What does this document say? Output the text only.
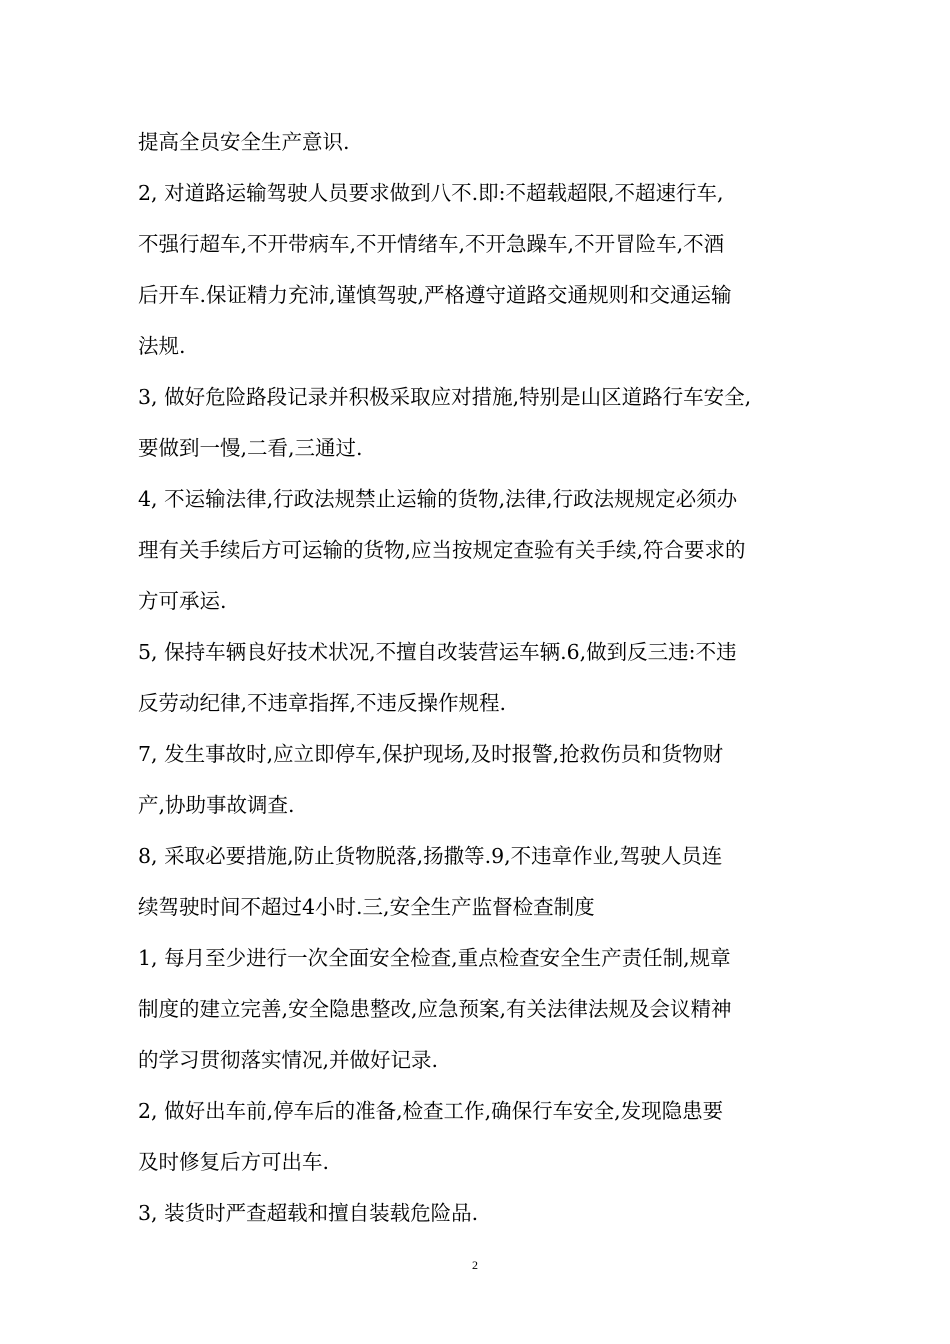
提高全员安全生产意识.
2, 对道路运输驾驶人员要求做到八不.即:不超载超限,不超速行车,
不强行超车,不开带病车,不开情绪车,不开急躁车,不开冒险车,不酒
后开车.保证精力充沛,谨慎驾驶,严格遵守道路交通规则和交通运输
法规.
3, 做好危险路段记录并积极采取应对措施,特别是山区道路行车安全,
要做到一慢,二看,三通过.
4, 不运输法律,行政法规禁止运输的货物,法律,行政法规规定必须办
理有关手续后方可运输的货物,应当按规定查验有关手续,符合要求的
方可承运.
5, 保持车辆良好技术状况,不擅自改装营运车辆.6,做到反三违:不违
反劳动纪律,不违章指挥,不违反操作规程.
7, 发生事故时,应立即停车,保护现场,及时报警,抢救伤员和货物财
产,协助事故调查.
8, 采取必要措施,防止货物脱落,扬撒等.9,不违章作业,驾驶人员连
续驾驶时间不超过4小时.三,安全生产监督检查制度
1, 每月至少进行一次全面安全检查,重点检查安全生产责任制,规章
制度的建立完善,安全隐患整改,应急预案,有关法律法规及会议精神
的学习贯彻落实情况,并做好记录.
2, 做好出车前,停车后的准备,检查工作,确保行车安全,发现隐患要
及时修复后方可出车.
3, 装货时严查超载和擅自装载危险品.
2
